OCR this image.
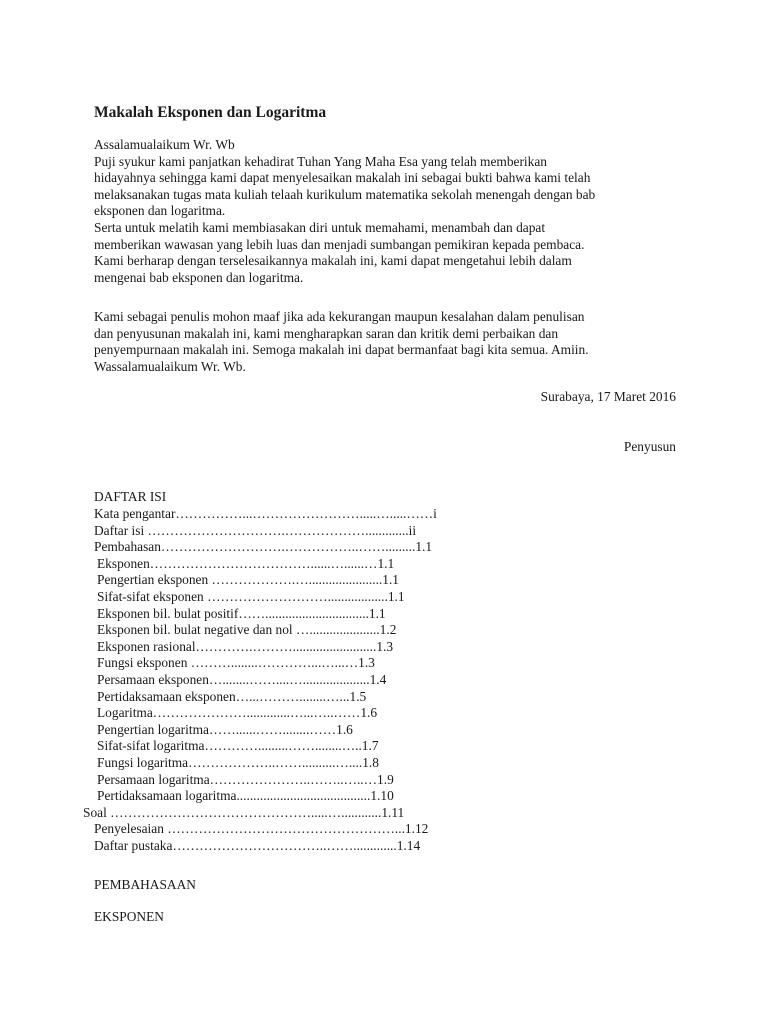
Makalah Eksponen dan Logaritma
Assalamualaikum Wr. Wb
Puji syukur kami panjatkan kehadirat Tuhan Yang Maha Esa yang telah memberikan
hidayahnya sehingga kami dapat menyelesaikan makalah ini sebagai bukti bahwa kami telah
melaksanakan tugas mata kuliah telaah kurikulum matematika sekolah menengah dengan bab
eksponen dan logaritma.
Serta untuk melatih kami membiasakan diri untuk memahami, menambah dan dapat
memberikan wawasan yang lebih luas dan menjadi sumbangan pemikiran kepada pembaca.
Kami berharap dengan terselesaikannya makalah ini, kami dapat mengetahui lebih dalam
mengenai bab eksponen dan logaritma.
Kami sebagai penulis mohon maaf jika ada kekurangan maupun kesalahan dalam penulisan
dan penyusunan makalah ini, kami mengharapkan saran dan kritik demi perbaikan dan
penyempurnaan makalah ini. Semoga makalah ini dapat bermanfaat bagi kita semua. Amiin.
Wassalamualaikum Wr. Wb.
Surabaya, 17 Maret 2016
Penyusun
DAFTAR ISI
Kata pengantar……………...…………………….....….....……i
Daftar isi ………………………….……………….............ii
Pembahasan……………………….……………..…….........1.1
Eksponen………………………………......…......…1.1
Pengertian eksponen ……………….…......................1.1
Sifat-sifat eksponen ………………………..................1.1
Eksponen bil. bulat positif……...............................1.1
Eksponen bil. bulat negative dan nol ….....................1.2
Eksponen rasional………….……….........................1.3
Fungsi eksponen ………........…………...…...…1.3
Persamaan eksponen…........……....…....................1.4
Pertidaksamaan eksponen…...………........…...1.5
Logaritma………………….............…...…..……1.6
Pengertian logaritma……......……........……1.6
Sifat-sifat logaritma………….........……........…..1.7
Fungsi logaritma………………..……..........…....1.8
Persamaan logaritma…………………..……..…..…1.9
Pertidaksamaan logaritma........................................1.10
Soal ……………………………………….....…............1.11
Penyelesaian ……………………………………………...1.12
Daftar pustaka……………………………..…….............1.14
PEMBAHASAAN
EKSPONEN
